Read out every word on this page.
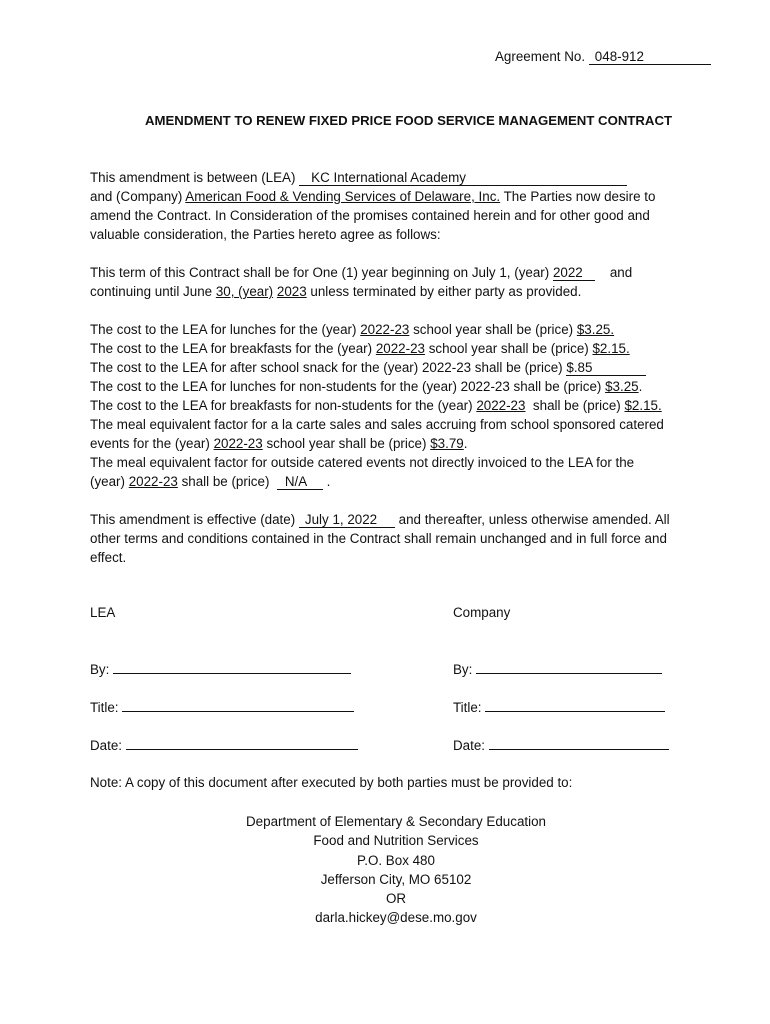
Agreement No. 048-912
AMENDMENT TO RENEW FIXED PRICE FOOD SERVICE MANAGEMENT CONTRACT

This amendment is between (LEA) KC International Academy
and (Company) American Food & Vending Services of Delaware, Inc. The Parties now desire to
amend the Contract. In Consideration of the promises contained herein and for other good and
valuable consideration, the Parties hereto agree as follows:

This term of this Contract shall be for One (1) year beginning on July 1, (year) 2022 and
continuing until June 30, (year) 2023 unless terminated by either party as provided.

The cost to the LEA for lunches for the (year) 2022-23 school year shall be (price) $3.25.
The cost to the LEA for breakfasts for the (year) 2022-23 school year shall be (price) $2.15.
The cost to the LEA for after school snack for the (year) 2022-23 shall be (price) $.85
The cost to the LEA for lunches for non-students for the (year) 2022-23 shall be (price) $3.25.
The cost to the LEA for breakfasts for non-students for the (year) 2022-23 shall be (price) $2.15.
The meal equivalent factor for a la carte sales and sales accruing from school sponsored catered
events for the (year) 2022-23 school year shall be (price) $3.79.
The meal equivalent factor for outside catered events not directly invoiced to the LEA for the
(year) 2022-23 shall be (price) N/A .

This amendment is effective (date) July 1, 2022 and thereafter, unless otherwise amended. All
other terms and conditions contained in the Contract shall remain unchanged and in full force and
effect.

LEA	Company
By:	By:
Title:	Title:
Date:	Date:
Note: A copy of this document after executed by both parties must be provided to:
Department of Elementary & Secondary Education
Food and Nutrition Services
P.O. Box 480
Jefferson City, MO 65102
OR
darla.hickey@dese.mo.gov
